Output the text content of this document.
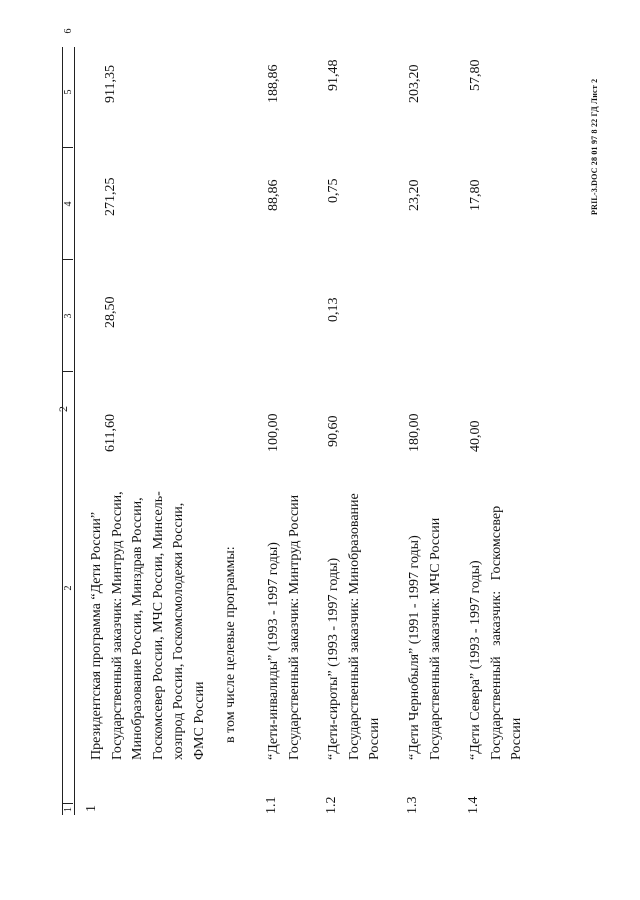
2
1
2
3
4
5
6
1
Президентская программа “Дети России” Государственный заказчик: Минтруд России, Минобразование России, Минздрав России, Госкомсевер России, МЧС России, Минсель- хозпрод России, Госкомсмолодежи России, ФМС России
611,60
28,50
271,25
911,35
в том числе целевые программы:
1.1
“Дети-инвалиды” (1993 - 1997 годы) Государственный заказчик: Минтруд России
100,00
88,86
188,86
1.2
“Дети-сироты” (1993 - 1997 годы) Государственный заказчик: Минобразование России
90,60
0,13
0,75
91,48
1.3
“Дети Чернобыля” (1991 - 1997 годы) Государственный заказчик: МЧС России
180,00
23,20
203,20
1.4
“Дети Севера” (1993 - 1997 годы) Государственный   заказчик:   Госкомсевер России
40,00
17,80
57,80
PRIL-3.DOC 28 01 97 8 22 ГД Лист 2
